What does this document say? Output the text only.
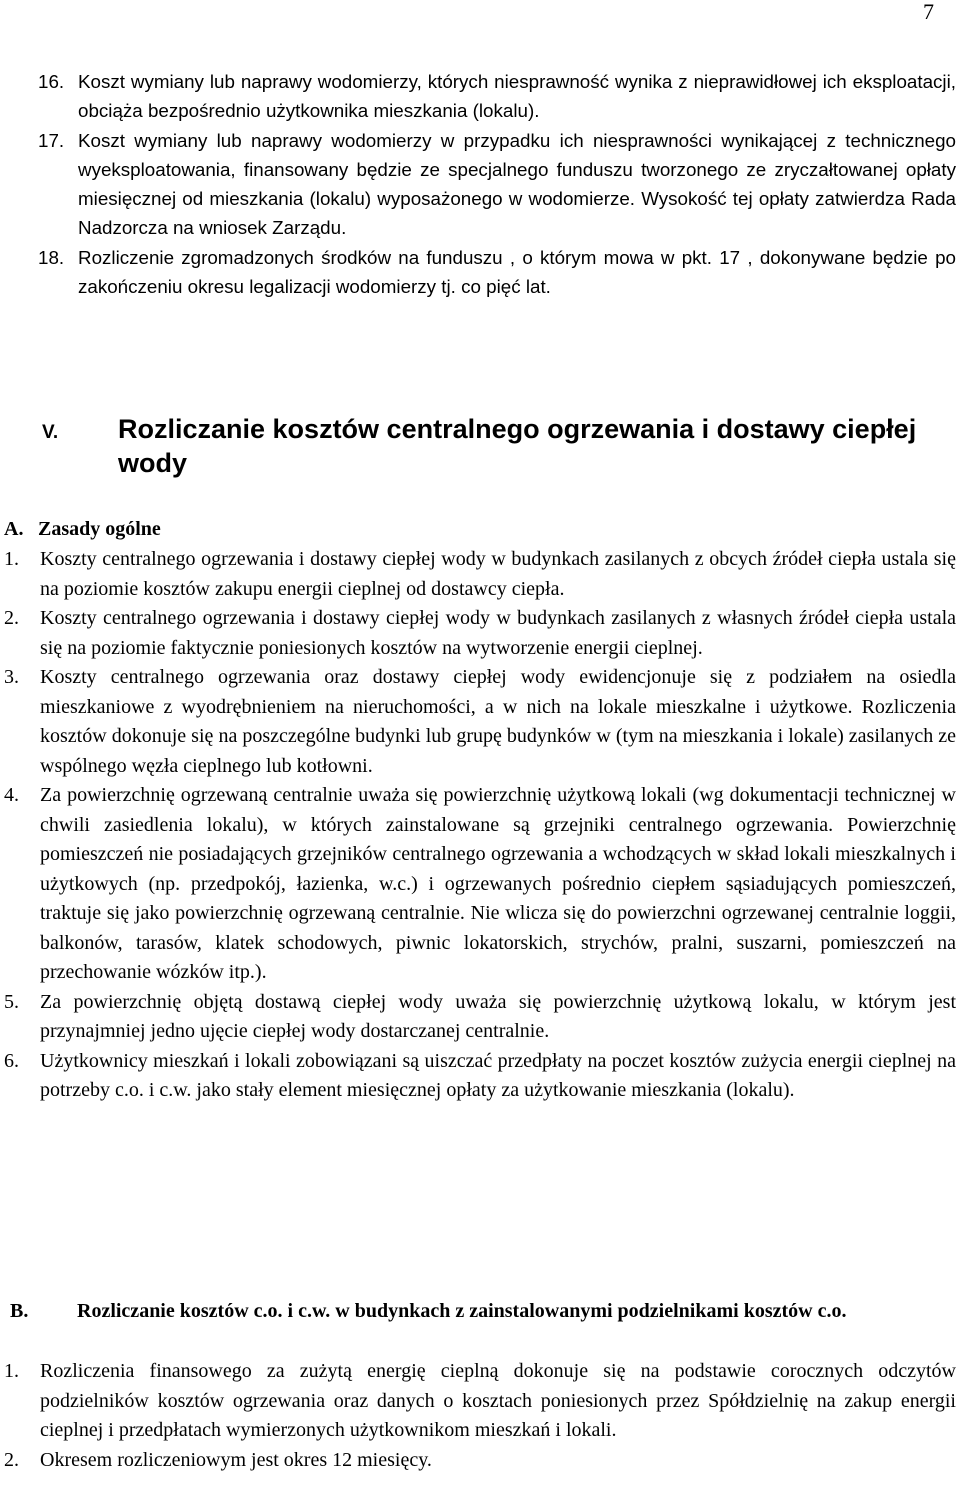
7
16. Koszt wymiany lub naprawy wodomierzy, których niesprawność wynika z nieprawidłowej ich eksploatacji, obciąża bezpośrednio użytkownika mieszkania (lokalu).
17. Koszt wymiany lub naprawy wodomierzy w przypadku ich niesprawności wynikającej z technicznego wyeksploatowania, finansowany będzie ze specjalnego funduszu tworzonego ze zryczałtowanej opłaty miesięcznej od mieszkania (lokalu) wyposażonego w wodomierze. Wysokość tej opłaty zatwierdza Rada Nadzorcza na wniosek Zarządu.
18. Rozliczenie zgromadzonych środków na funduszu , o którym mowa w pkt. 17 , dokonywane będzie po zakończeniu okresu legalizacji wodomierzy tj. co pięć lat.
V.	Rozliczanie kosztów centralnego ogrzewania i dostawy ciepłej wody
A. Zasady ogólne
1.	Koszty centralnego ogrzewania i dostawy ciepłej wody w budynkach zasilanych z obcych źródeł ciepła ustala się na poziomie kosztów zakupu energii cieplnej od dostawcy ciepła.
2.	Koszty centralnego ogrzewania i dostawy ciepłej wody w budynkach zasilanych z własnych źródeł ciepła ustala się na poziomie faktycznie poniesionych kosztów na wytworzenie energii cieplnej.
3.	Koszty centralnego ogrzewania oraz dostawy ciepłej wody ewidencjonuje się z podziałem na osiedla mieszkaniowe z wyodrębnieniem na nieruchomości, a w nich na lokale mieszkalne i użytkowe. Rozliczenia kosztów dokonuje się na poszczególne budynki lub grupę budynków w (tym na mieszkania i lokale) zasilanych ze wspólnego węzła cieplnego lub kotłowni.
4.	Za powierzchnię ogrzewaną centralnie uważa się powierzchnię użytkową lokali (wg dokumentacji technicznej w chwili zasiedlenia lokalu), w których zainstalowane są grzejniki centralnego ogrzewania. Powierzchnię pomieszczeń nie posiadających grzejników centralnego ogrzewania a wchodzących w skład lokali mieszkalnych i użytkowych (np. przedpokój, łazienka, w.c.) i ogrzewanych pośrednio ciepłem sąsiadujących pomieszczeń, traktuje się jako powierzchnię ogrzewaną centralnie. Nie wlicza się do powierzchni ogrzewanej centralnie loggii, balkonów, tarasów, klatek schodowych, piwnic lokatorskich, strychów, pralni, suszarni, pomieszczeń na przechowanie wózków itp.).
5.	Za powierzchnię objętą dostawą ciepłej wody uważa się powierzchnię użytkową lokalu, w którym jest przynajmniej jedno ujęcie ciepłej wody dostarczanej centralnie.
6.	Użytkownicy mieszkań i lokali zobowiązani są uiszczać przedpłaty na poczet kosztów zużycia energii cieplnej na potrzeby c.o. i c.w. jako stały element miesięcznej opłaty za użytkowanie mieszkania (lokalu).
B.	Rozliczanie kosztów c.o. i c.w. w budynkach z zainstalowanymi podzielnikami kosztów c.o.
1.	Rozliczenia finansowego za zużytą energię cieplną dokonuje się na podstawie corocznych odczytów podzielników kosztów ogrzewania oraz danych o kosztach poniesionych przez Spółdzielnię na zakup energii cieplnej i przedpłatach wymierzonych użytkownikom mieszkań i lokali.
2.	Okresem rozliczeniowym jest okres 12 miesięcy.
